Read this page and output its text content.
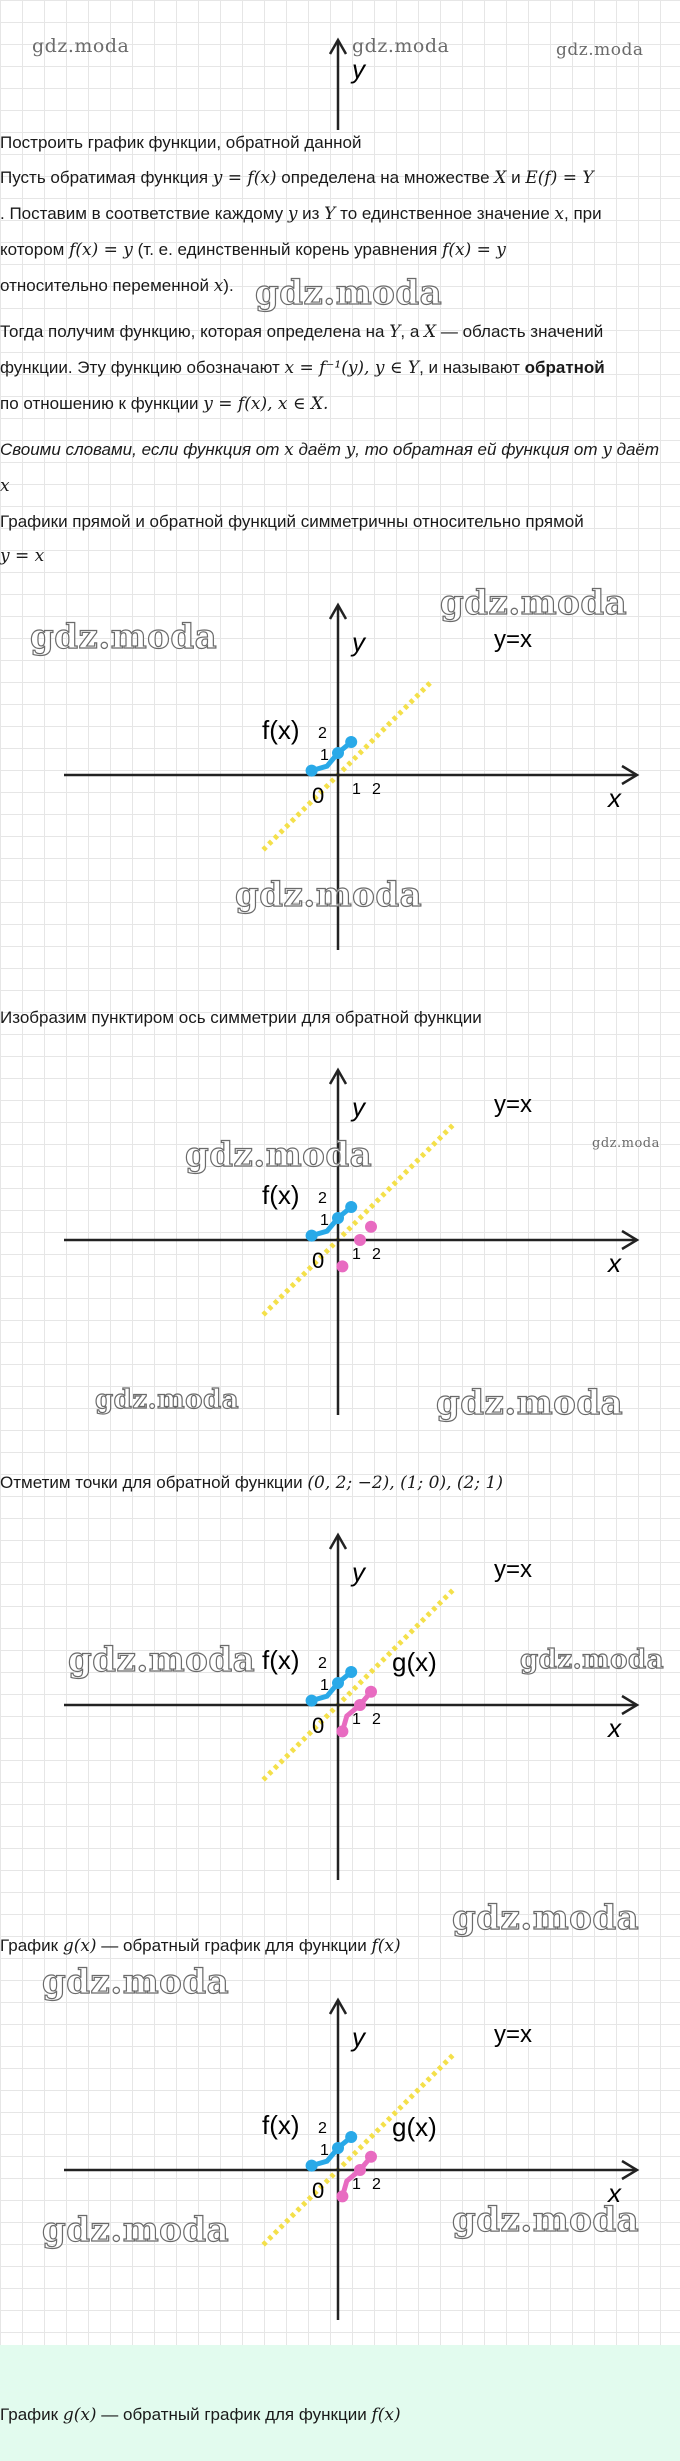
y
gdz.moda	gdz.moda	gdz.moda
Построить график функции, обратной данной
Пусть обратимая функция y = f(x) определена на множестве X и E(f) = Y
. Поставим в соответствие каждому y из Y то единственное значение x, при
котором f(x) = y (т. е. единственный корень уравнения f(x) = y
относительно переменной x). gdz.moda
Тогда получим функцию, которая определена на Y, а X — область значений
функции. Эту функцию обозначают x = f⁻¹(y), y ∈ Y, и называют обратной
по отношению к функции y = f(x), x ∈ X.
Своими словами, если функция от x даёт y, то обратная ей функция от y даёт
x
Графики прямой и обратной функций симметричны относительно прямой
y = x
y
x
0 1 2
1
2
f(x)
y=x
gdz.moda
gdz.moda
gdz.moda
Изобразим пунктиром ось симметрии для обратной функции
y
x
0 1 2
1
2
f(x)
y=x
gdz.moda	gdz.moda
gdz.moda	gdz.moda
Отметим точки для обратной функции (0, 2; −2), (1; 0), (2; 1)
y
x
0 1 2
1
2
f(x)
y=x
g(x)
gdz.moda	gdz.moda
График g(x) — обратный график для функции f(x)
gdz.moda
y
x
0 1 2
1
2
f(x)
y=x
g(x)
gdz.moda
gdz.moda	gdz.moda
График g(x) — обратный график для функции f(x)
